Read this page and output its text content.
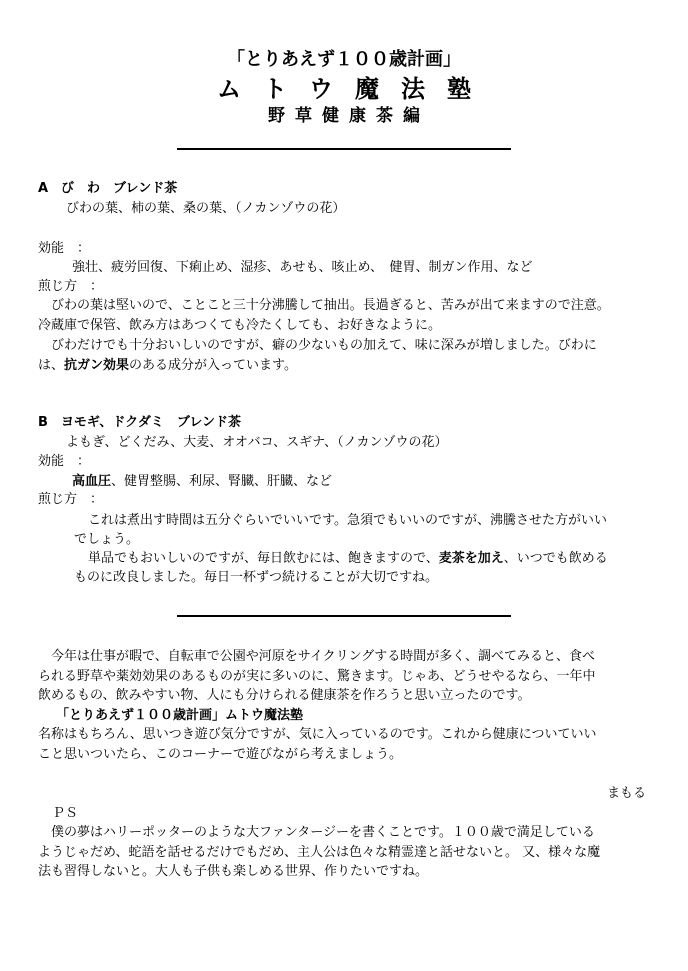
「とりあえず１００歳計画」
ムトウ魔法塾
野草健康茶編
A　び　わ　ブレンド茶
びわの葉、柿の葉、桑の葉、（ノカンゾウの花）
効能　：
強壮、疲労回復、下痢止め、湿疹、あせも、咳止め、　健胃、制ガン作用、など
煎じ方　：
　びわの葉は堅いので、ことこと三十分沸騰して抽出。長過ぎると、苦みが出て来ますので注意。
冷蔵庫で保管、飲み方はあつくても冷たくしても、お好きなように。
　びわだけでも十分おいしいのですが、癖の少ないもの加えて、味に深みが増しました。びわに
は、抗ガン効果のある成分が入っています。
B　ヨモギ、ドクダミ　ブレンド茶
よもぎ、どくだみ、大麦、オオバコ、スギナ、（ノカンゾウの花）
効能　：
高血圧、健胃整腸、利尿、腎臓、肝臓、など
煎じ方　：
これは煮出す時間は五分ぐらいでいいです。急須でもいいのですが、沸騰させた方がいい
でしょう。
単品でもおいしいのですが、毎日飲むには、飽きますので、麦茶を加え、いつでも飲める
ものに改良しました。毎日一杯ずつ続けることが大切ですね。
　今年は仕事が暇で、自転車で公園や河原をサイクリングする時間が多く、調べてみると、食べ
られる野草や薬効効果のあるものが実に多いのに、驚きます。じゃあ、どうせやるなら、一年中
飲めるもの、飲みやすい物、人にも分けられる健康茶を作ろうと思い立ったのです。
「とりあえず１００歳計画」ムトウ魔法塾
名称はもちろん、思いつき遊び気分ですが、気に入っているのです。これから健康についていい
こと思いついたら、このコーナーで遊びながら考えましょう。
まもる
ＰＳ
　僕の夢はハリーポッターのような大ファンタージーを書くことです。１００歳で満足している
ようじゃだめ、蛇語を話せるだけでもだめ、主人公は色々な精霊達と話せないと。 又、様々な魔
法も習得しないと。大人も子供も楽しめる世界、作りたいですね。
